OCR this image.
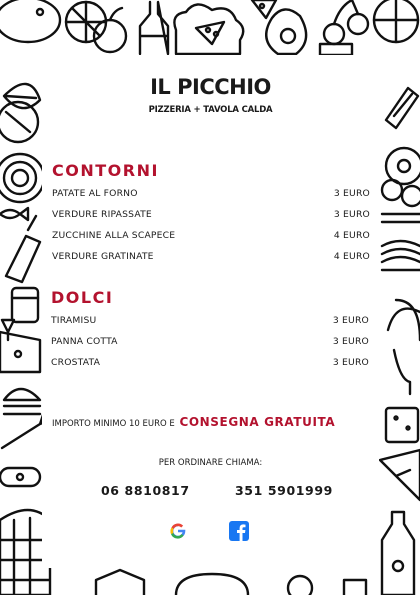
IL PICCHIO
PIZZERIA + TAVOLA CALDA
CONTORNI
PATATE AL FORNO	3 EURO
VERDURE RIPASSATE	3 EURO
ZUCCHINE ALLA SCAPECE	4 EURO
VERDURE GRATINATE	4 EURO
DOLCI
TIRAMISU	3 EURO
PANNA COTTA	3 EURO
CROSTATA	3 EURO
IMPORTO MINIMO 10 EURO E CONSEGNA GRATUITA
PER ORDINARE CHIAMA:
06 8810817	351 5901999
